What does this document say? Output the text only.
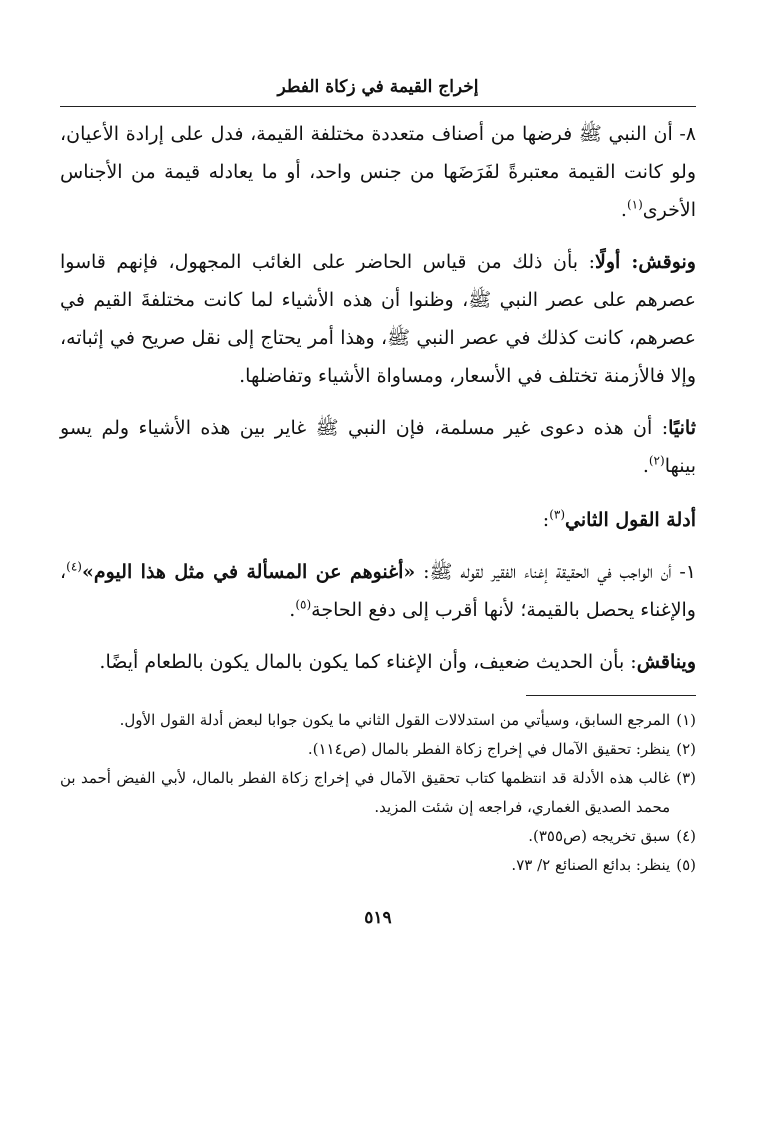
إخراج القيمة في زكاة الفطر

٨- أن النبي ﷺ فرضها من أصناف متعددة مختلفة القيمة، فدل على إرادة الأعيان، ولو كانت القيمة معتبرةً لفَرَضَها من جنس واحد، أو ما يعادله قيمة من الأجناس الأخرى$^{(١)}$.

ونوقش: أولًا: بأن ذلك من قياس الحاضر على الغائب المجهول، فإنهم قاسوا عصرهم على عصر النبي ﷺ، وظنوا أن هذه الأشياء لما كانت مختلفةَ القيم في عصرهم، كانت كذلك في عصر النبي ﷺ، وهذا أمر يحتاج إلى نقل صريح في إثباته، وإلا فالأزمنة تختلف في الأسعار، ومساواة الأشياء وتفاضلها.

ثانيًا: أن هذه دعوى غير مسلمة، فإن النبي ﷺ غاير بين هذه الأشياء ولم يسو بينها$^{(٢)}$.

أدلة القول الثاني$^{(٣)}$:

١- أن الواجب في الحقيقة إغناء الفقير لقوله ﷺ: «أغنوهم عن المسألة في مثل هذا اليوم»$^{(٤)}$، والإغناء يحصل بالقيمة؛ لأنها أقرب إلى دفع الحاجة$^{(٥)}$.

ويناقش: بأن الحديث ضعيف، وأن الإغناء كما يكون بالمال يكون بالطعام أيضًا.

(١)
المرجع السابق، وسيأتي من استدلالات القول الثاني ما يكون جوابا لبعض أدلة القول الأول.
(٢)
ينظر: تحقيق الآمال في إخراج زكاة الفطر بالمال (ص١١٤).
(٣)
غالب هذه الأدلة قد انتظمها كتاب تحقيق الآمال في إخراج زكاة الفطر بالمال، لأبي الفيض أحمد بن محمد الصديق الغماري، فراجعه إن شئت المزيد.
(٤)
سبق تخريجه (ص٣٥٥).
(٥)
ينظر: بدائع الصنائع ٢/ ٧٣.
٥١٩
